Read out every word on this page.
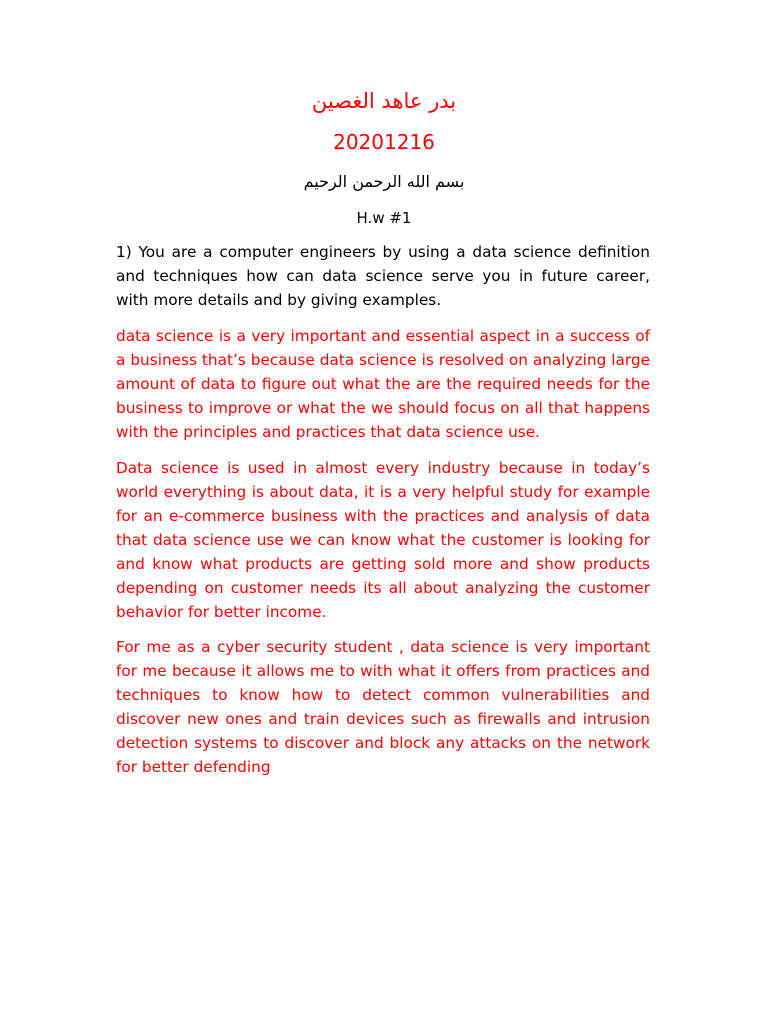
بدر عاهد الغصين
20201216
بسم الله الرحمن الرحيم
H.w #1

1) You are a computer engineers by using a data science definition and techniques how can data science serve you in future career, with more details and by giving examples.

data science is a very important and essential aspect in a success of a business that’s because data science is resolved on analyzing large amount of data to figure out what the are the required needs for the business to improve or what the we should focus on all that happens with the principles and practices that data science use.

Data science is used in almost every industry because in today’s world everything is about data, it is a very helpful study for example for an e-commerce business with the practices and analysis of data that data science use we can know what the customer is looking for and know what products are getting sold more and show products depending on customer needs its all about analyzing the customer behavior for better income.

For me as a cyber security student , data science is very important for me because it allows me to with what it offers from practices and techniques to know how to detect common vulnerabilities and discover new ones and train devices such as firewalls and intrusion detection systems to discover and block any attacks on the network for better defending
